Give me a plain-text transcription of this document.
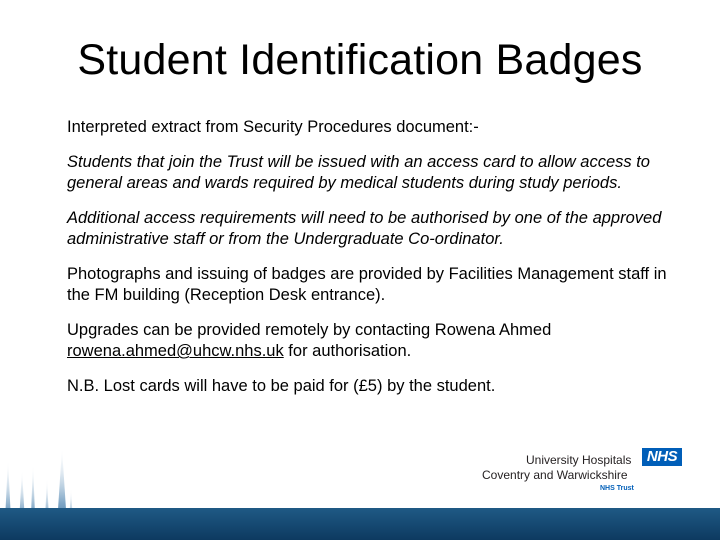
Student Identification Badges

Interpreted extract from Security Procedures document:-

Students that join the Trust will be issued with an access card to allow access to general areas and wards required by medical students during study periods.

Additional access requirements will need to be authorised by one of the approved administrative staff or from the Undergraduate Co-ordinator.

Photographs and issuing of badges are provided by Facilities Management staff in the FM building (Reception Desk entrance).

Upgrades can be provided remotely by contacting Rowena Ahmed
rowena.ahmed@uhcw.nhs.uk for authorisation.

N.B. Lost cards will have to be paid for (£5) by the student.

University Hospitals
Coventry and Warwickshire
NHS
NHS Trust
